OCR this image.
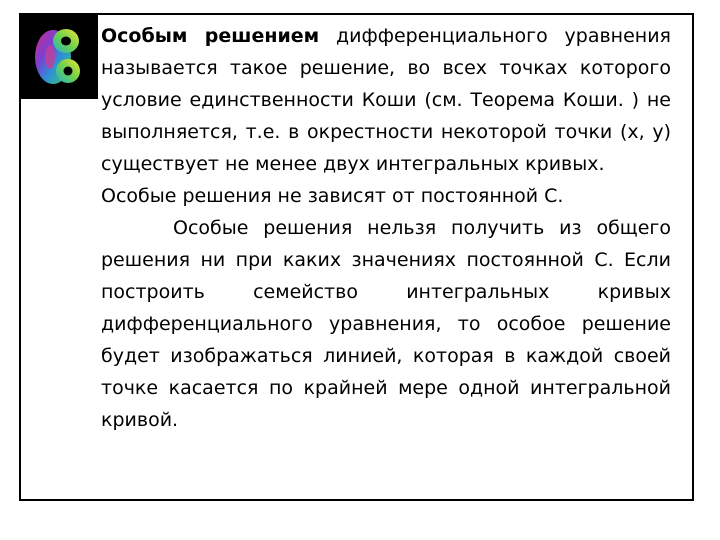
Особым решением дифференциального уравнения называется такое решение, во всех точках которого условие единственности Коши (см. Теорема Коши. ) не выполняется, т.е. в окрестности некоторой точки (x, y) существует не менее двух интегральных кривых.

Особые решения не зависят от постоянной С.

Особые решения нельзя получить из общего решения ни при каких значениях постоянной С. Если построить семейство интегральных кривых дифференциального уравнения, то особое решение будет изображаться линией, которая в каждой своей точке касается по крайней мере одной интегральной кривой.
